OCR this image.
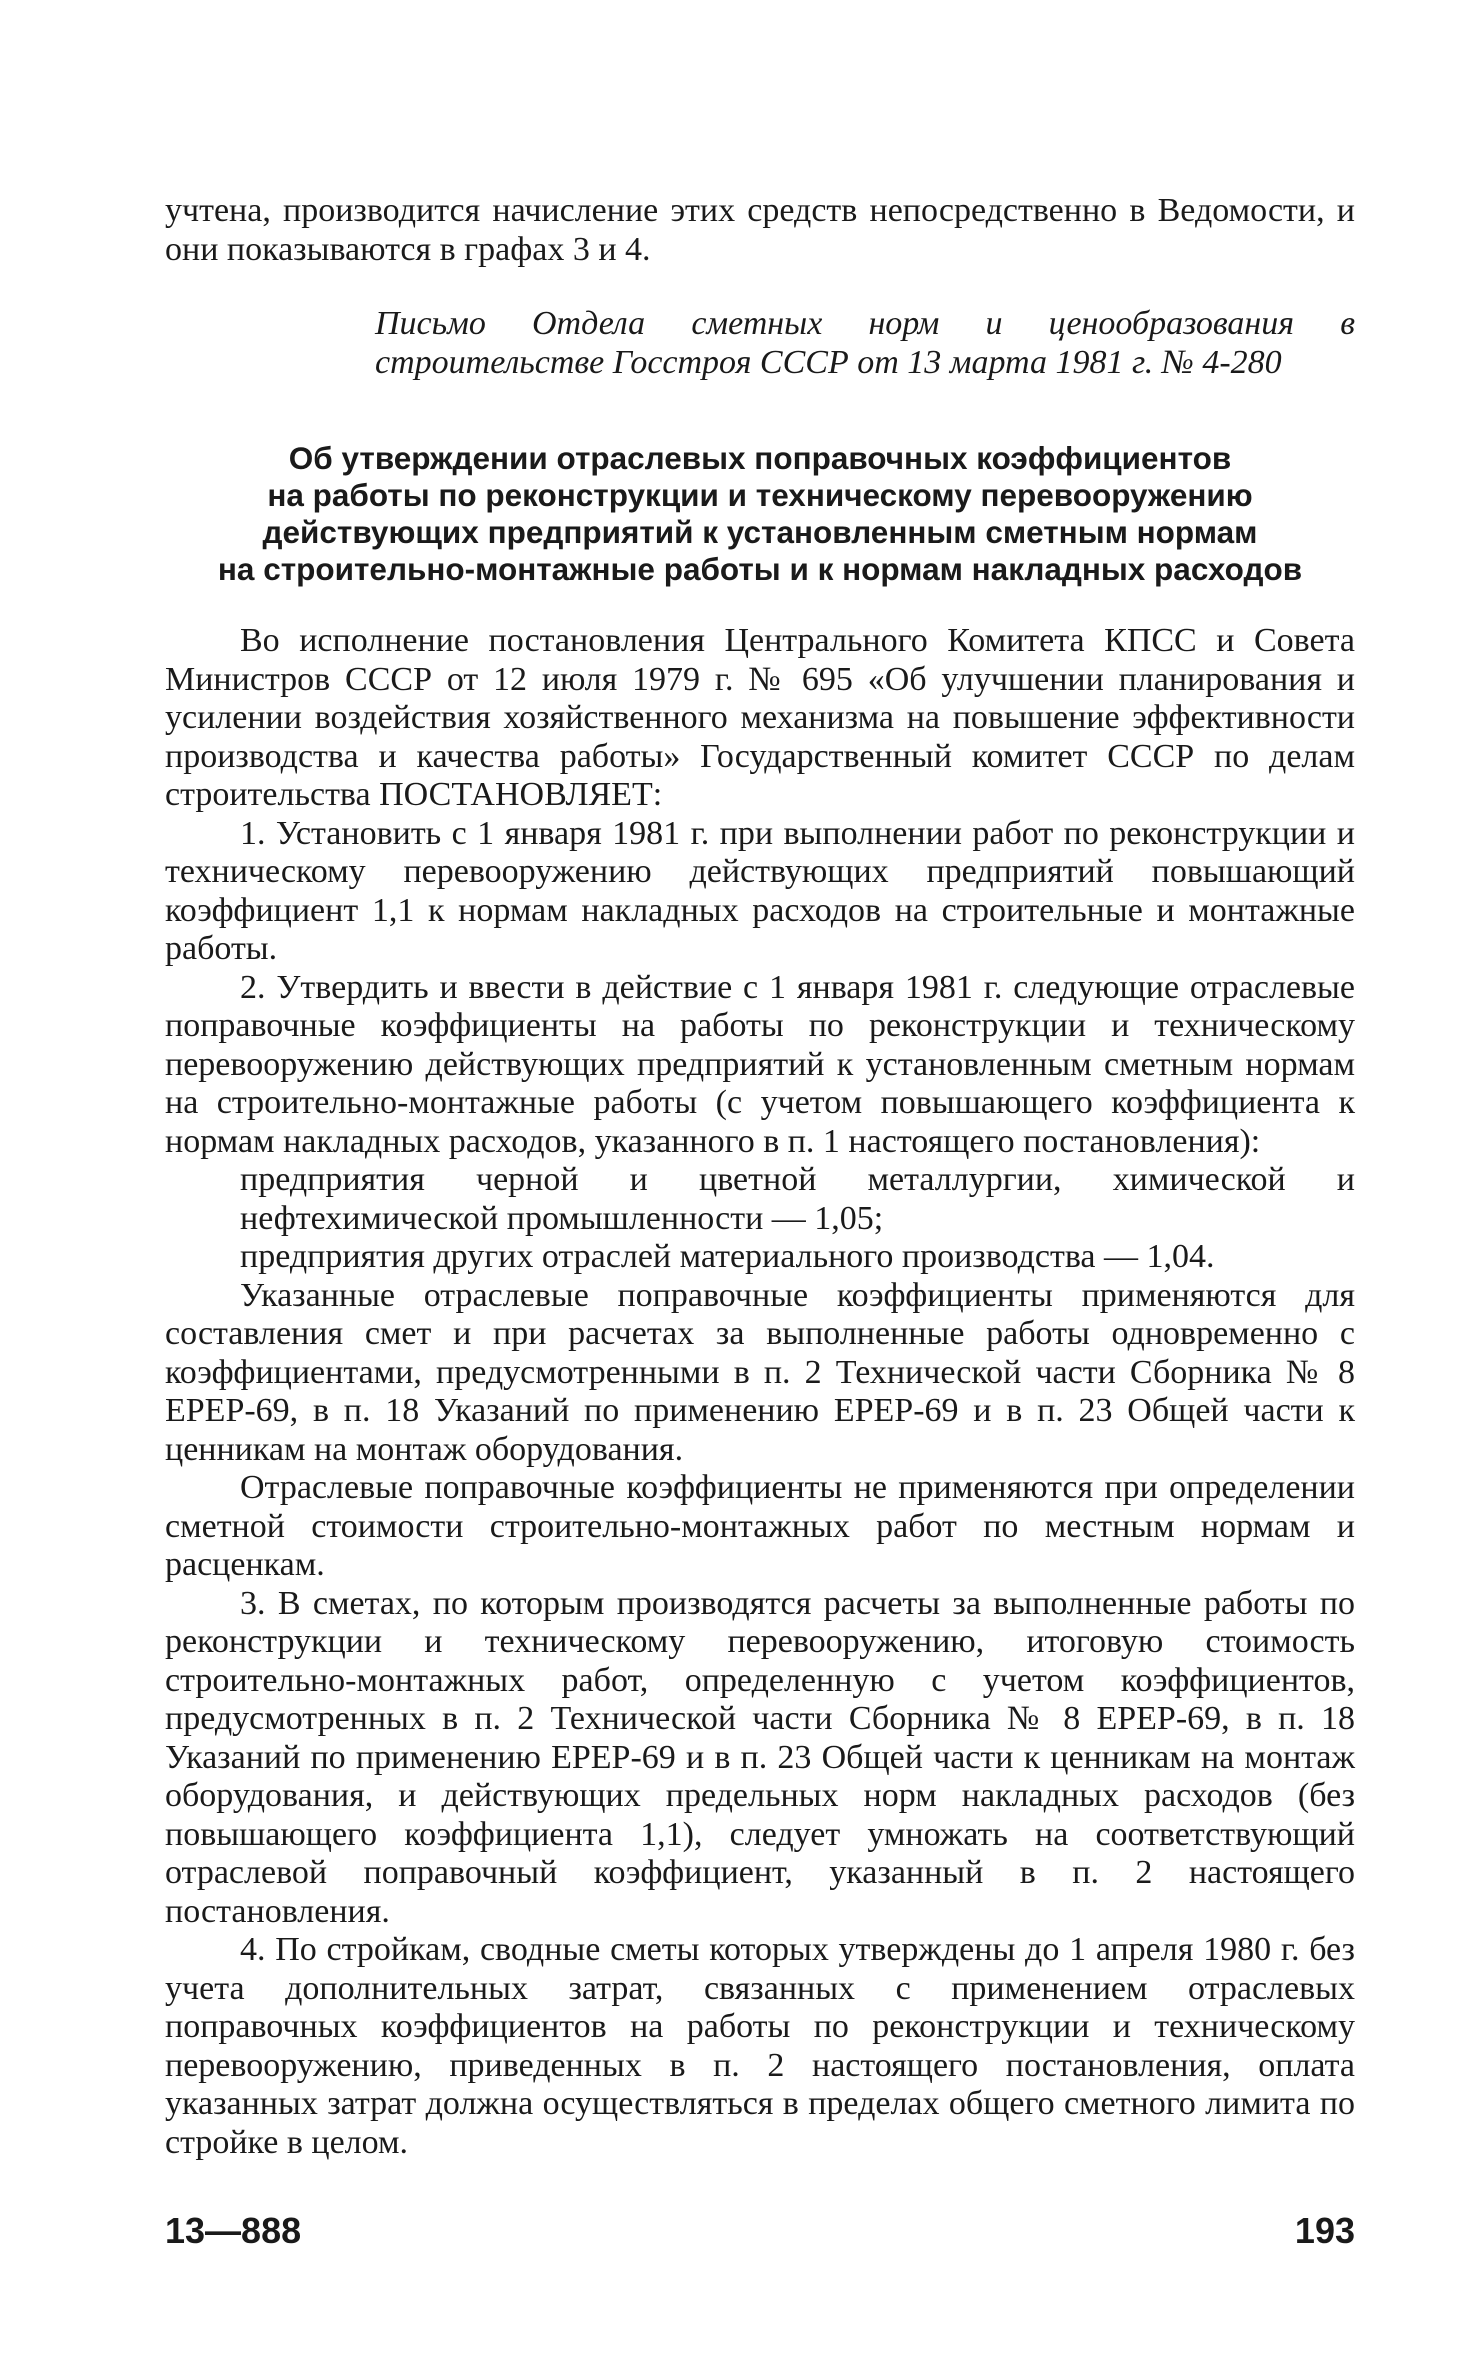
учтена, производится начисление этих средств непосредственно в Ведомости, и они показываются в графах 3 и 4.

Письмо Отдела сметных норм и ценообразования в строительстве Госстроя СССР от 13 марта 1981 г. № 4-280

Об утверждении отраслевых поправочных коэффициентов
на работы по реконструкции и техническому перевооружению
действующих предприятий к установленным сметным нормам
на строительно-монтажные работы и к нормам накладных расходов

Во исполнение постановления Центрального Комитета КПСС и Совета Министров СССР от 12 июля 1979 г. № 695 «Об улучшении планирования и усилении воздействия хозяйственного механизма на повышение эффективности производства и качества работы» Государственный комитет СССР по делам строительства ПОСТАНОВЛЯЕТ:

1. Установить с 1 января 1981 г. при выполнении работ по реконструкции и техническому перевооружению действующих предприятий повышающий коэффициент 1,1 к нормам накладных расходов на строительные и монтажные работы.

2. Утвердить и ввести в действие с 1 января 1981 г. следующие отраслевые поправочные коэффициенты на работы по реконструкции и техническому перевооружению действующих предприятий к установленным сметным нормам на строительно-монтажные работы (с учетом повышающего коэффициента к нормам накладных расходов, указанного в п. 1 настоящего постановления):

предприятия черной и цветной металлургии, химической и нефтехимической промышленности — 1,05;

предприятия других отраслей материального производства — 1,04.

Указанные отраслевые поправочные коэффициенты применяются для составления смет и при расчетах за выполненные работы одновременно с коэффициентами, предусмотренными в п. 2 Технической части Сборника № 8 ЕРЕР-69, в п. 18 Указаний по применению ЕРЕР-69 и в п. 23 Общей части к ценникам на монтаж оборудования.

Отраслевые поправочные коэффициенты не применяются при определении сметной стоимости строительно-монтажных работ по местным нормам и расценкам.

3. В сметах, по которым производятся расчеты за выполненные работы по реконструкции и техническому перевооружению, итоговую стоимость строительно-монтажных работ, определенную с учетом коэффициентов, предусмотренных в п. 2 Технической части Сборника № 8 ЕРЕР-69, в п. 18 Указаний по применению ЕРЕР-69 и в п. 23 Общей части к ценникам на монтаж оборудования, и действующих предельных норм накладных расходов (без повышающего коэффициента 1,1), следует умножать на соответствующий отраслевой поправочный коэффициент, указанный в п. 2 настоящего постановления.

4. По стройкам, сводные сметы которых утверждены до 1 апреля 1980 г. без учета дополнительных затрат, связанных с применением отраслевых поправочных коэффициентов на работы по реконструкции и техническому перевооружению, приведенных в п. 2 настоящего постановления, оплата указанных затрат должна осуществляться в пределах общего сметного лимита по стройке в целом.

13—888	193
